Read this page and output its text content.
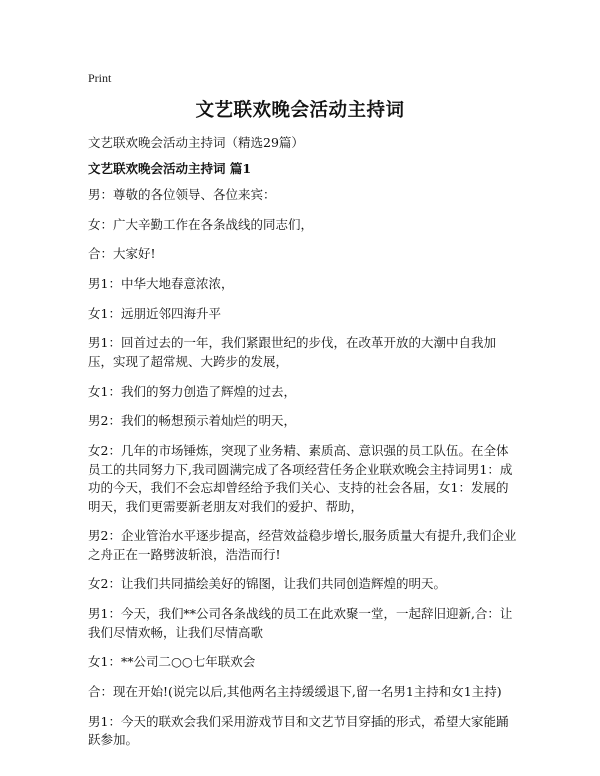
Print
文艺联欢晚会活动主持词
文艺联欢晚会活动主持词（精选29篇）
文艺联欢晚会活动主持词 篇1

男：尊敬的各位领导、各位来宾：

女：广大辛勤工作在各条战线的同志们，

合：大家好!

男1：中华大地春意浓浓，

女1：远朋近邻四海升平

男1：回首过去的一年，我们紧跟世纪的步伐，在改革开放的大潮中自我加压，实现了超常规、大跨步的发展，

女1：我们的努力创造了辉煌的过去，

男2：我们的畅想预示着灿烂的明天，

女2：几年的市场锤炼，突现了业务精、素质高、意识强的员工队伍。在全体员工的共同努力下,我司圆满完成了各项经营任务企业联欢晚会主持词男1：成功的今天，我们不会忘却曾经给予我们关心、支持的社会各届，女1：发展的明天，我们更需要新老朋友对我们的爱护、帮助，

男2：企业管治水平逐步提高，经营效益稳步增长,服务质量大有提升,我们企业之舟正在一路劈波斩浪，浩浩而行!

女2：让我们共同描绘美好的锦图，让我们共同创造辉煌的明天。

男1：今天，我们**公司各条战线的员工在此欢聚一堂，一起辞旧迎新,合：让我们尽情欢畅，让我们尽情高歌

女1：**公司二○○七年联欢会

合：现在开始!(说完以后,其他两名主持缓缓退下,留一名男1主持和女1主持)

男1：今天的联欢会我们采用游戏节目和文艺节目穿插的形式，希望大家能踊跃参加。
